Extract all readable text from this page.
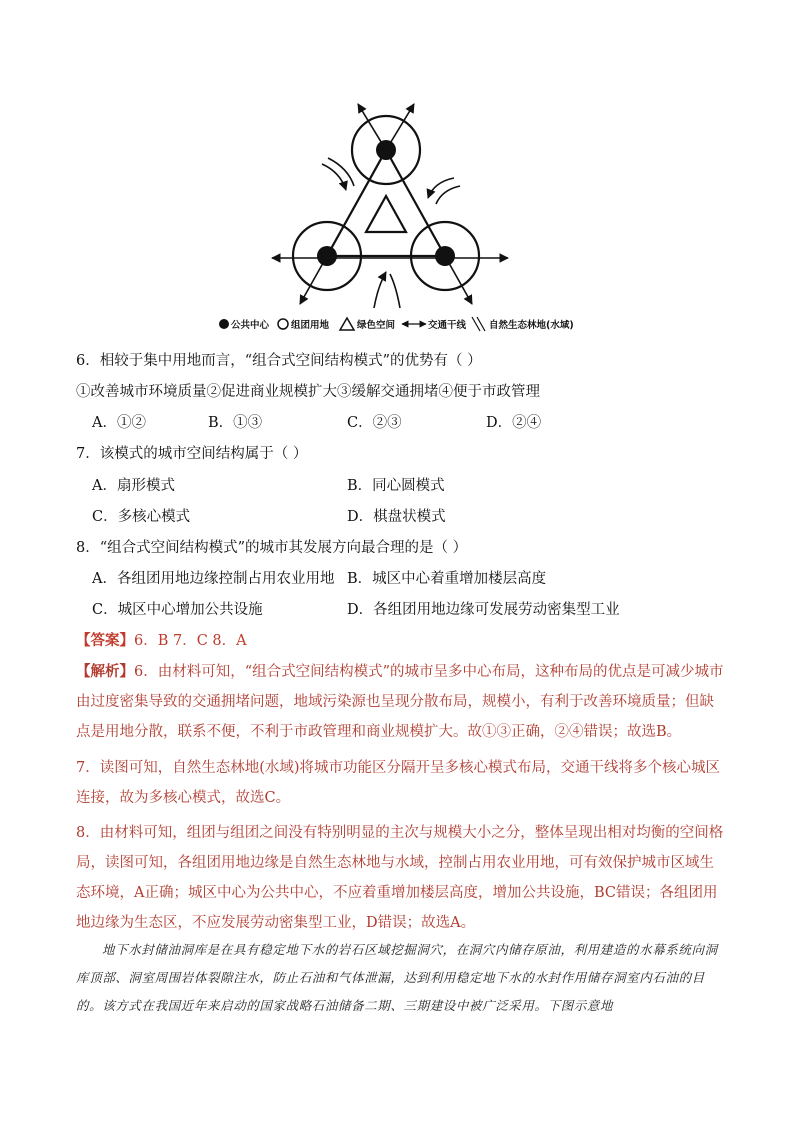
公共中心 组团用地	绿色空间	交通干线 自然生态林地(水域)
6．相较于集中用地而言，“组合式空间结构模式”的优势有（ ）
①改善城市环境质量②促进商业规模扩大③缓解交通拥堵④便于市政管理
A．①②	B．①③	C．②③	D．②④
7．该模式的城市空间结构属于（ ）
A．扇形模式	B．同心圆模式
C．多核心模式	D．棋盘状模式
8．“组合式空间结构模式”的城市其发展方向最合理的是（ ）
A．各组团用地边缘控制占用农业用地 B．城区中心着重增加楼层高度
C．城区中心增加公共设施	D．各组团用地边缘可发展劳动密集型工业
【答案】6．B 7．C 8．A
【解析】6．由材料可知，“组合式空间结构模式”的城市呈多中心布局，这种布局的优点是可减少城市由过度密集导致的交通拥堵问题，地域污染源也呈现分散布局，规模小，有利于改善环境质量；但缺点是用地分散，联系不便，不利于市政管理和商业规模扩大。故①③正确，②④错误；故选B。
7．读图可知，自然生态林地(水域)将城市功能区分隔开呈多核心模式布局，交通干线将多个核心城区连接，故为多核心模式，故选C。
8．由材料可知，组团与组团之间没有特别明显的主次与规模大小之分，整体呈现出相对均衡的空间格局，读图可知，各组团用地边缘是自然生态林地与水域，控制占用农业用地，可有效保护城市区域生态环境，A正确；城区中心为公共中心，不应着重增加楼层高度，增加公共设施，BC错误；各组团用地边缘为生态区，不应发展劳动密集型工业，D错误；故选A。
地下水封储油洞库是在具有稳定地下水的岩石区域挖掘洞穴，在洞穴内储存原油，利用建造的水幕系统向洞库顶部、洞室周围岩体裂隙注水，防止石油和气体泄漏，达到利用稳定地下水的水封作用储存洞室内石油的目的。该方式在我国近年来启动的国家战略石油储备二期、三期建设中被广泛采用。下图示意地
